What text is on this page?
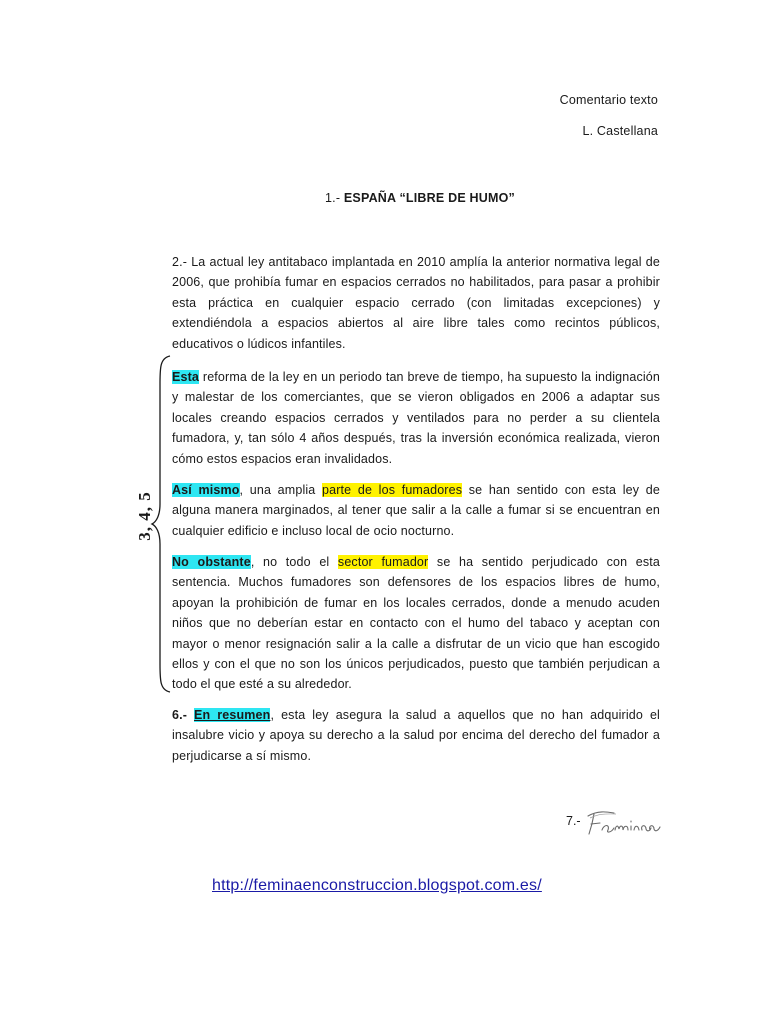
Comentario texto
L. Castellana
1.- ESPAÑA “LIBRE DE HUMO”

2.- La actual ley antitabaco implantada en 2010 amplía la anterior normativa legal de 2006, que prohibía fumar en espacios cerrados no habilitados, para pasar a prohibir esta práctica en cualquier espacio cerrado (con limitadas excepciones) y extendiéndola a espacios abiertos al aire libre tales como recintos públicos, educativos o lúdicos infantiles.

Esta reforma de la ley en un periodo tan breve de tiempo, ha supuesto la indignación y malestar de los comerciantes, que se vieron obligados en 2006 a adaptar sus locales creando espacios cerrados y ventilados para no perder a su clientela fumadora, y, tan sólo 4 años después, tras la inversión económica realizada, vieron cómo estos espacios eran invalidados.

Así mismo, una amplia parte de los fumadores se han sentido con esta ley de alguna manera marginados, al tener que salir a la calle a fumar si se encuentran en cualquier edificio e incluso local de ocio nocturno.

No obstante, no todo el sector fumador se ha sentido perjudicado con esta sentencia. Muchos fumadores son defensores de los espacios libres de humo, apoyan la prohibición de fumar en los locales cerrados, donde a menudo acuden niños que no deberían estar en contacto con el humo del tabaco y aceptan con mayor o menor resignación salir a la calle a disfrutar de un vicio que han escogido ellos y con el que no son los únicos perjudicados, puesto que también perjudican a todo el que esté a su alrededor.

6.- En resumen, esta ley asegura la salud a aquellos que no han adquirido el insalubre vicio y apoya su derecho a la salud por encima del derecho del fumador a perjudicarse a sí mismo.

3, 4, 5
7.-
http://feminaenconstruccion.blogspot.com.es/
